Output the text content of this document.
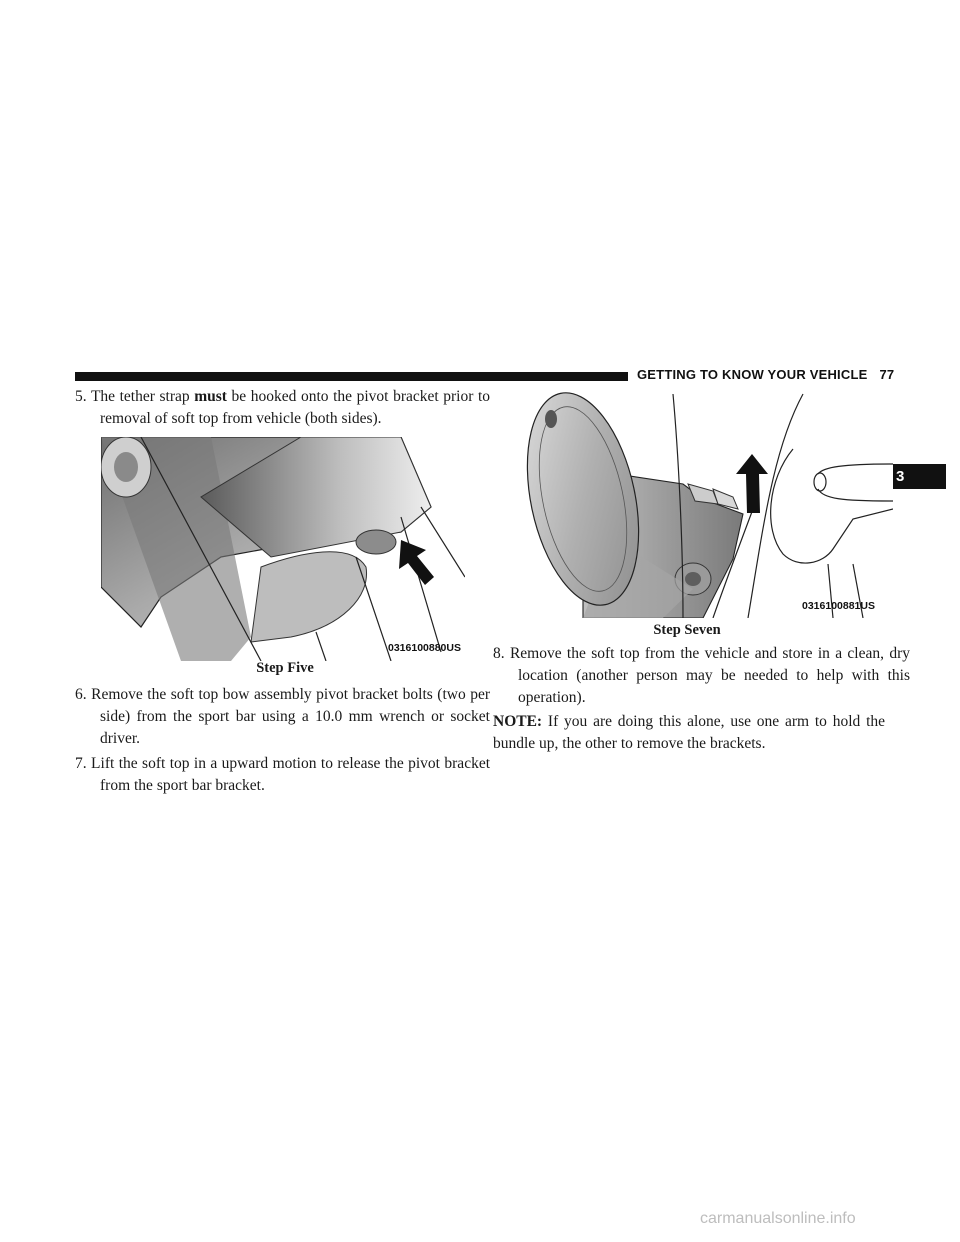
GETTING TO KNOW YOUR VEHICLE 77
3

5. The tether strap must be hooked onto the pivot bracket prior to removal of soft top from vehicle (both sides).

0316100880US
Step Five

6. Remove the soft top bow assembly pivot bracket bolts (two per side) from the sport bar using a 10.0 mm wrench or socket driver.

7. Lift the soft top in a upward motion to release the pivot bracket from the sport bar bracket.

0316100881US
Step Seven

8. Remove the soft top from the vehicle and store in a clean, dry location (another person may be needed to help with this operation).

NOTE: If you are doing this alone, use one arm to hold the bundle up, the other to remove the brackets.

carmanualsonline.info
